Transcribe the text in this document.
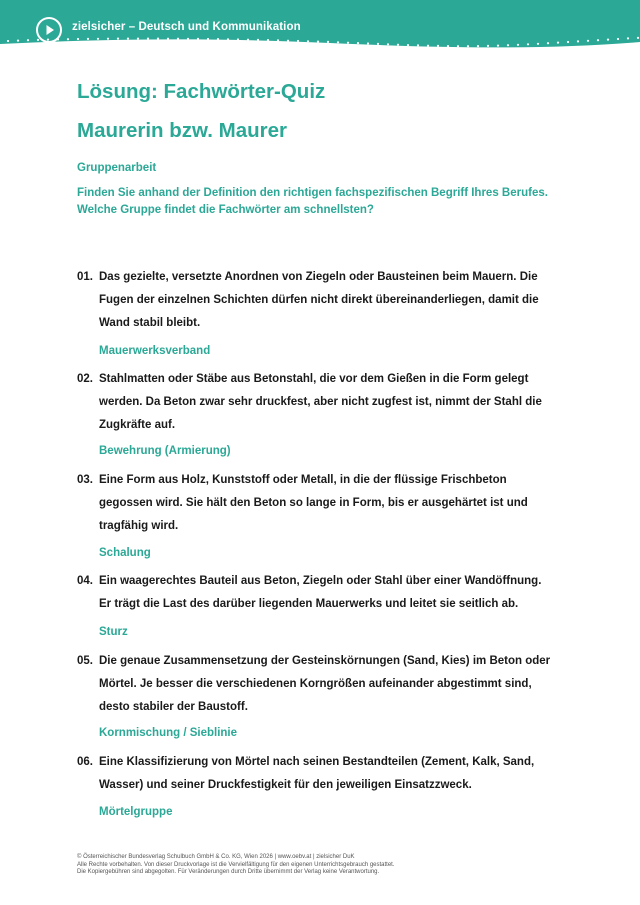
zielsicher – Deutsch und Kommunikation
Lösung: Fachwörter-Quiz
Maurerin bzw. Maurer
Gruppenarbeit
Finden Sie anhand der Definition den richtigen fachspezifischen Begriff Ihres Berufes.
Welche Gruppe findet die Fachwörter am schnellsten?
01. Das gezielte, versetzte Anordnen von Ziegeln oder Bausteinen beim Mauern. Die
Fugen der einzelnen Schichten dürfen nicht direkt übereinanderliegen, damit die
Wand stabil bleibt.
Mauerwerksverband
02. Stahlmatten oder Stäbe aus Betonstahl, die vor dem Gießen in die Form gelegt
werden. Da Beton zwar sehr druckfest, aber nicht zugfest ist, nimmt der Stahl die
Zugkräfte auf.
Bewehrung (Armierung)
03. Eine Form aus Holz, Kunststoff oder Metall, in die der flüssige Frischbeton
gegossen wird. Sie hält den Beton so lange in Form, bis er ausgehärtet ist und
tragfähig wird.
Schalung
04. Ein waagerechtes Bauteil aus Beton, Ziegeln oder Stahl über einer Wandöffnung.
Er trägt die Last des darüber liegenden Mauerwerks und leitet sie seitlich ab.
Sturz
05. Die genaue Zusammensetzung der Gesteinskörnungen (Sand, Kies) im Beton oder
Mörtel. Je besser die verschiedenen Korngrößen aufeinander abgestimmt sind,
desto stabiler der Baustoff.
Kornmischung / Sieblinie
06. Eine Klassifizierung von Mörtel nach seinen Bestandteilen (Zement, Kalk, Sand,
Wasser) und seiner Druckfestigkeit für den jeweiligen Einsatzzweck.
Mörtelgruppe
© Österreichischer Bundesverlag Schulbuch GmbH & Co. KG, Wien 2026 | www.oebv.at | zielsicher DuK
Alle Rechte vorbehalten. Von dieser Druckvorlage ist die Vervielfältigung für den eigenen Unterrichtsgebrauch gestattet.
Die Kopiergebühren sind abgegolten. Für Veränderungen durch Dritte übernimmt der Verlag keine Verantwortung.
